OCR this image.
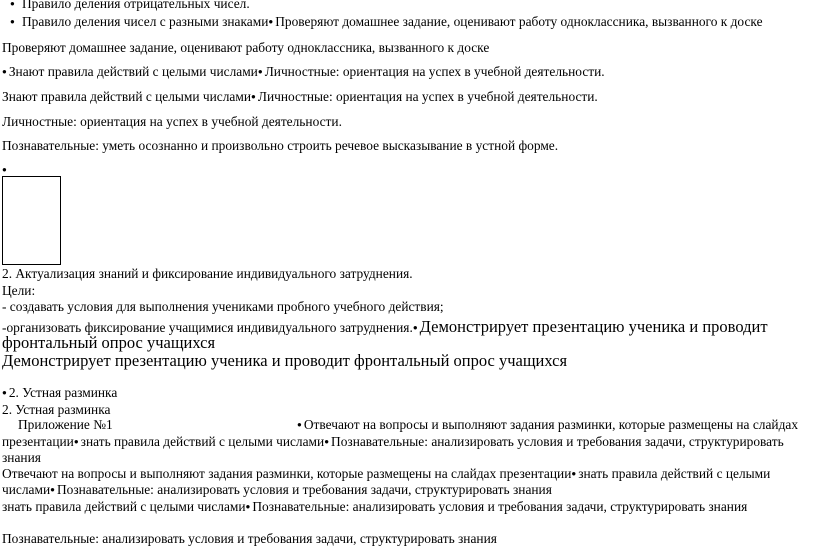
● Правило деления отрицательных чисел.
● Правило деления чисел с разными знаками ● Проверяют домашнее задание, оценивают работу одноклассника, вызванного к доске
Проверяют домашнее задание, оценивают работу одноклассника, вызванного к доске
● Знают правила действий с целыми числами ● Личностные: ориентация на успех в учебной деятельности.
Знают правила действий с целыми числами ● Личностные: ориентация на успех в учебной деятельности.
Личностные: ориентация на успех в учебной деятельности.
Познавательные: уметь осознанно и произвольно строить речевое высказывание в устной форме.
●
2. Актуализация знаний и фиксирование индивидуального затруднения.
Цели:
- создавать условия для выполнения учениками пробного учебного действия;
-организовать фиксирование учащимися индивидуального затруднения. ● Демонстрирует презентацию ученика и проводит
фронтальный опрос учащихся
Демонстрирует презентацию ученика и проводит фронтальный опрос учащихся
● 2. Устная разминка
2. Устная разминка
Приложение №1 ●	Отвечают на вопросы и выполняют задания разминки, которые размещены на слайдах
презентации ● знать правила действий с целыми числами ● Познавательные: анализировать условия и требования задачи, структурировать
знания
Отвечают на вопросы и выполняют задания разминки, которые размещены на слайдах презентации ● знать правила действий с целыми
числами ● Познавательные: анализировать условия и требования задачи, структурировать знания
знать правила действий с целыми числами ● Познавательные: анализировать условия и требования задачи, структурировать знания
Познавательные: анализировать условия и требования задачи, структурировать знания
